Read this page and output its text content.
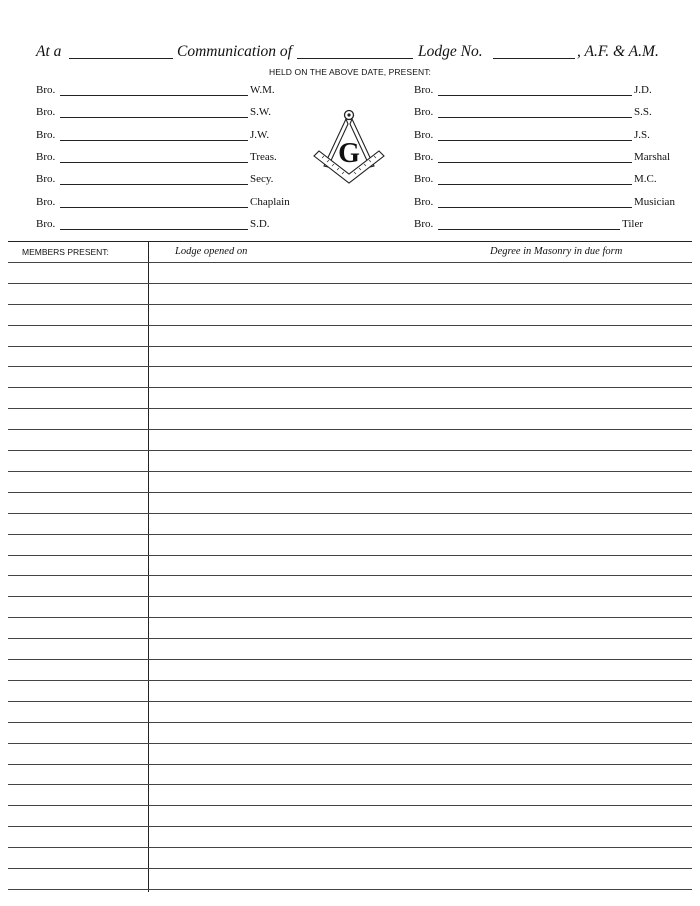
At a	Communication of	Lodge No.	, A.F. & A.M.
HELD ON THE ABOVE DATE, PRESENT:
Bro.	W.M.
Bro.	S.W.
Bro.	J.W.
Bro.	Treas.
Bro.	Secy.
Bro.	Chaplain
Bro.	S.D.
Bro.	J.D.
Bro.	S.S.
Bro.	J.S.
Bro.	Marshal
Bro.	M.C.
Bro.	Musician
Bro.	Tiler
G
MEMBERS PRESENT:	Lodge opened on	Degree in Masonry in due form
